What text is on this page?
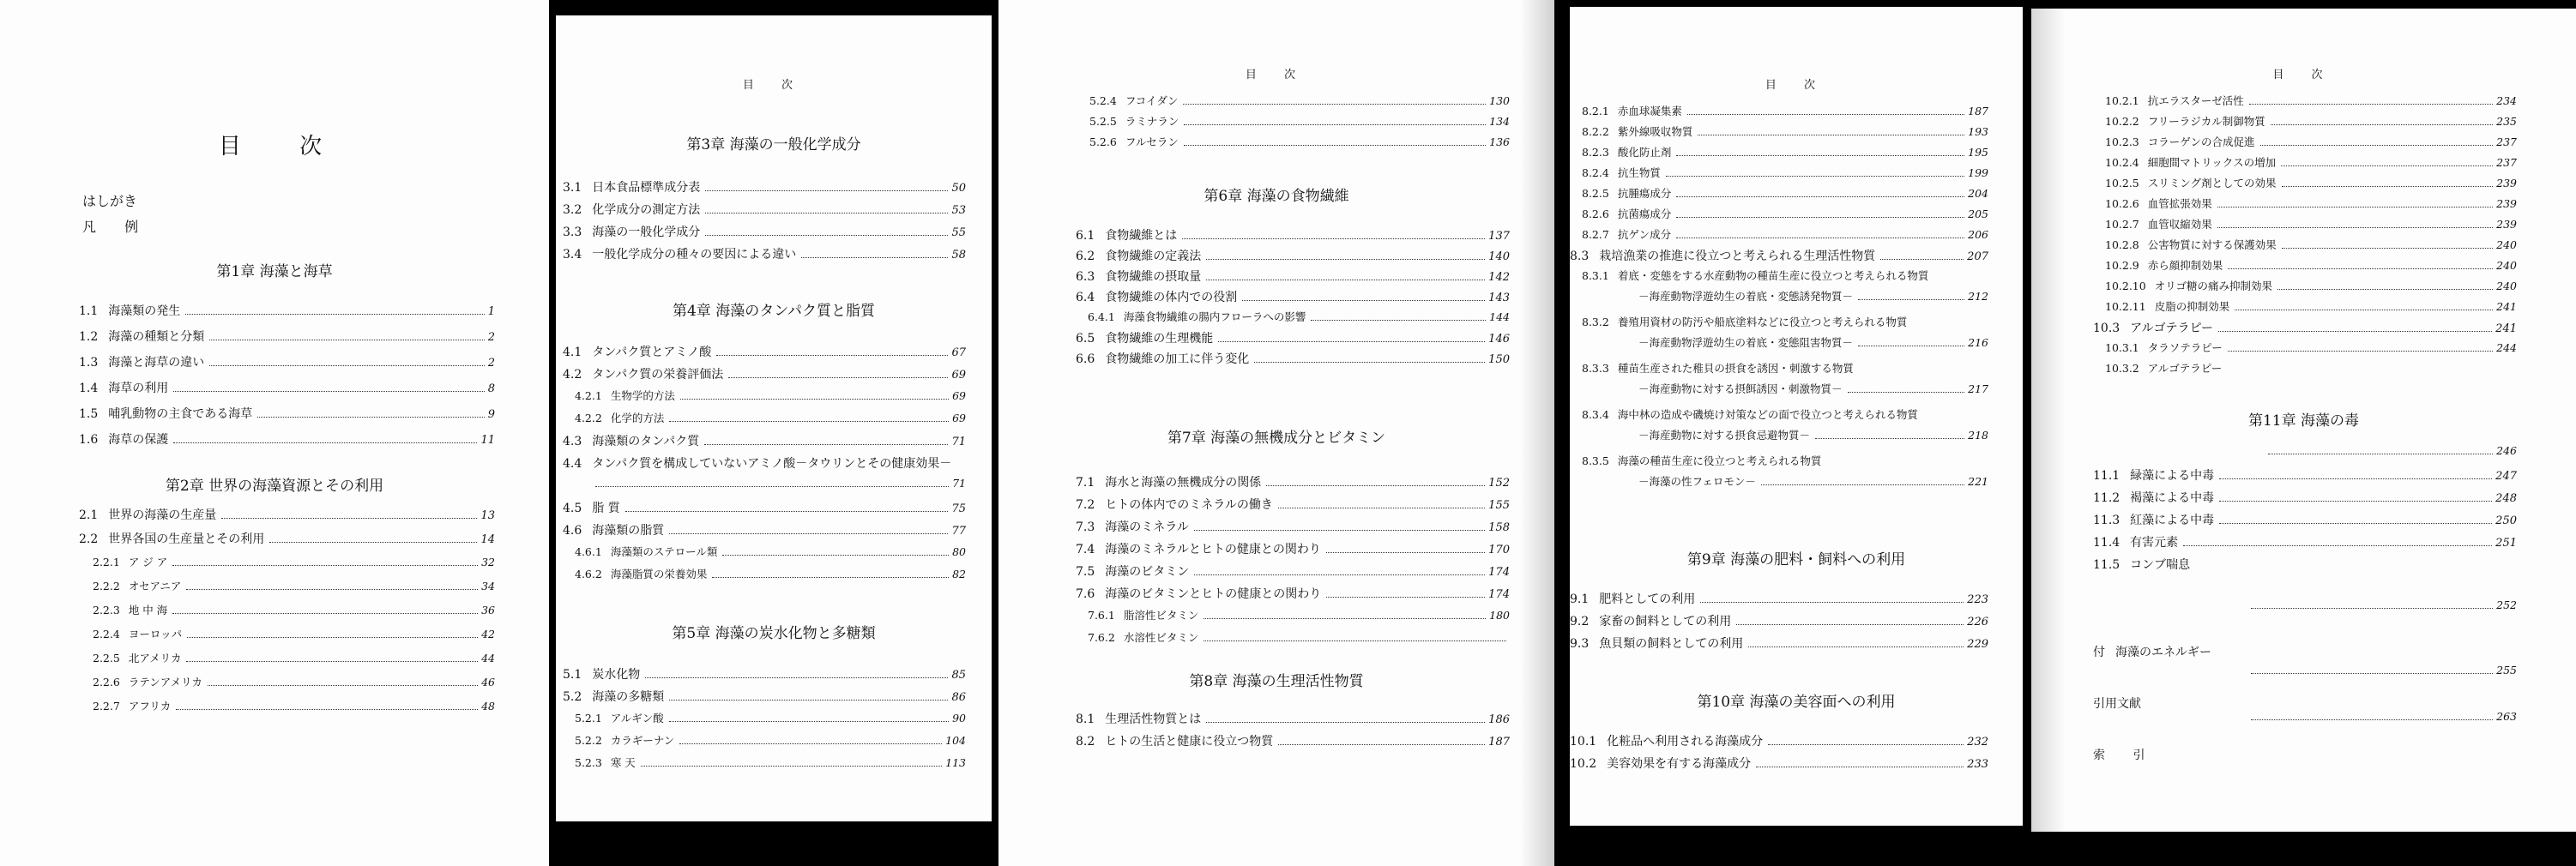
目 次
はしがき
凡 例
第1章 海藻と海草
1.1 海藻類の発生	1
1.2 海藻の種類と分類	2
1.3 海藻と海草の違い	2
1.4 海草の利用	8
1.5 哺乳動物の主食である海草	9
1.6 海草の保護	11
第2章 世界の海藻資源とその利用
2.1 世界の海藻の生産量	13
2.2 世界各国の生産量とその利用	14
2.2.1 ア ジ ア	32
2.2.2 オセアニア	34
2.2.3 地 中 海	36
2.2.4 ヨーロッパ	42
2.2.5 北アメリカ	44
2.2.6 ラテンアメリカ	46
2.2.7 アフリカ	48
目 次
第3章 海藻の一般化学成分
3.1 日本食品標準成分表	50
3.2 化学成分の測定方法	53
3.3 海藻の一般化学成分	55
3.4 一般化学成分の種々の要因による違い	58
第4章 海藻のタンパク質と脂質
4.1 タンパク質とアミノ酸	67
4.2 タンパク質の栄養評価法	69
4.2.1 生物学的方法	69
4.2.2 化学的方法	69
4.3 海藻類のタンパク質	71
4.4 タンパク質を構成していないアミノ酸－タウリンとその健康効果－
71
4.5 脂 質	75
4.6 海藻類の脂質	77
4.6.1 海藻類のステロール類	80
4.6.2 海藻脂質の栄養効果	82
第5章 海藻の炭水化物と多糖類
5.1 炭水化物	85
5.2 海藻の多糖類	86
5.2.1 アルギン酸	90
5.2.2 カラギーナン	104
5.2.3 寒 天	113
目 次
5.2.4 フコイダン	130
5.2.5 ラミナラン	134
5.2.6 フルセラン	136
第6章 海藻の食物繊維
6.1 食物繊維とは	137
6.2 食物繊維の定義法	140
6.3 食物繊維の摂取量	142
6.4 食物繊維の体内での役割	143
6.4.1 海藻食物繊維の腸内フローラへの影響	144
6.5 食物繊維の生理機能	146
6.6 食物繊維の加工に伴う変化	150
第7章 海藻の無機成分とビタミン
7.1 海水と海藻の無機成分の関係	152
7.2 ヒトの体内でのミネラルの働き	155
7.3 海藻のミネラル	158
7.4 海藻のミネラルとヒトの健康との関わり	170
7.5 海藻のビタミン	174
7.6 海藻のビタミンとヒトの健康との関わり	174
7.6.1 脂溶性ビタミン	180
7.6.2 水溶性ビタミン
第8章 海藻の生理活性物質
8.1 生理活性物質とは	186
8.2 ヒトの生活と健康に役立つ物質	187
目 次
8.2.1 赤血球凝集素	187
8.2.2 紫外線吸収物質	193
8.2.3 酸化防止剤	195
8.2.4 抗生物質	199
8.2.5 抗腫瘍成分	204
8.2.6 抗菌瘍成分	205
8.2.7 抗ゲン成分	206
8.3 栽培漁業の推進に役立つと考えられる生理活性物質	207
8.3.1 着底・変態をする水産動物の種苗生産に役立つと考えられる物質
－海産動物浮遊幼生の着底・変態誘発物質－	212
8.3.2 養殖用資材の防汚や船底塗料などに役立つと考えられる物質
－海産動物浮遊幼生の着底・変態阻害物質－	216
8.3.3 種苗生産された稚貝の摂食を誘因・刺激する物質
－海産動物に対する摂餌誘因・刺激物質－	217
8.3.4 海中林の造成や磯焼け対策などの面で役立つと考えられる物質
－海産動物に対する摂食忌避物質－	218
8.3.5 海藻の種苗生産に役立つと考えられる物質
－海藻の性フェロモン－	221
第9章 海藻の肥料・飼料への利用
9.1 肥料としての利用	223
9.2 家畜の飼料としての利用	226
9.3 魚貝類の飼料としての利用	229
第10章 海藻の美容面への利用
10.1 化粧品へ利用される海藻成分	232
10.2 美容効果を有する海藻成分	233
目 次
10.2.1 抗エラスターゼ活性	234
10.2.2 フリーラジカル制御物質	235
10.2.3 コラーゲンの合成促進	237
10.2.4 細胞間マトリックスの増加	237
10.2.5 スリミング剤としての効果	239
10.2.6 血管拡張効果	239
10.2.7 血管収縮効果	239
10.2.8 公害物質に対する保護効果	240
10.2.9 赤ら顔抑制効果	240
10.2.10 オリゴ糖の痛み抑制効果	240
10.2.11 皮脂の抑制効果	241
10.3 アルゴテラピー	241
10.3.1 タラソテラピー	244
10.3.2 アルゴテラピー
第11章 海藻の毒
246
11.1 緑藻による中毒	247
11.2 褐藻による中毒	248
11.3 紅藻による中毒	250
11.4 有害元素	251
11.5 コンブ喘息
252
付 海藻のエネルギー
255
引用文献
263
索 引
